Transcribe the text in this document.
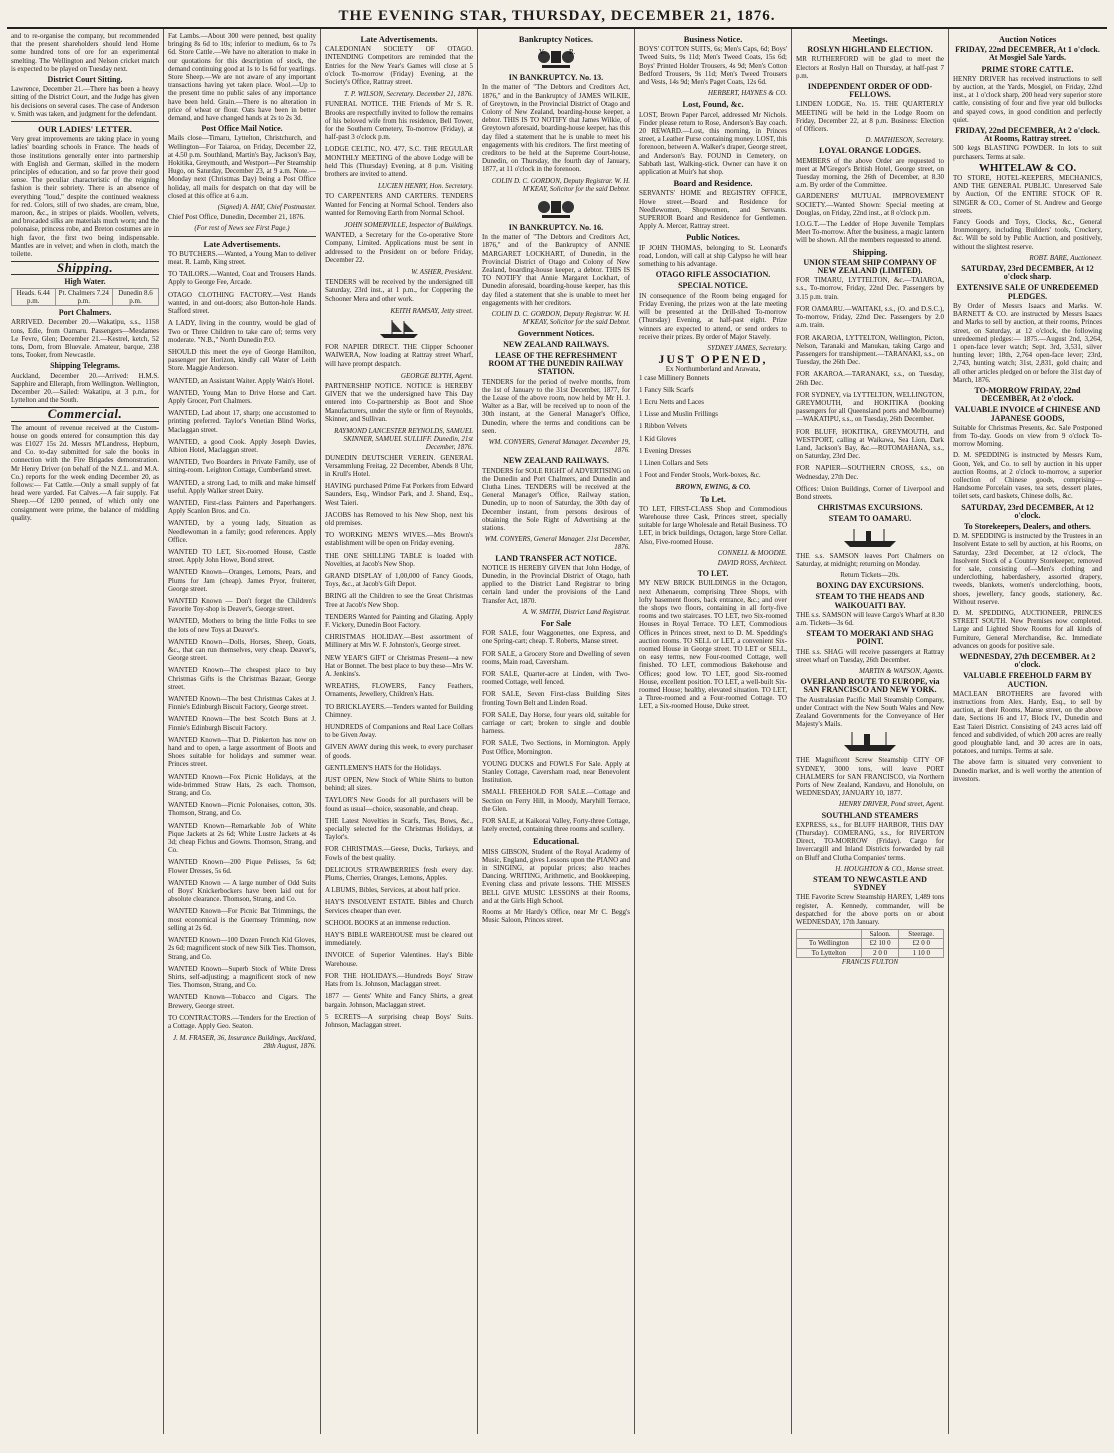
THE EVENING STAR, THURSDAY, DECEMBER 21, 1876.
and to re-organise the company, but recommended that the present shareholders should lend Home some hundred tons of ore for an experimental smelting. The Wellington and Nelson cricket match is expected to be played on Tuesday next.
District Court Sitting.
Lawrence, December 21.—There has been a heavy sitting of the District Court, and the Judge has given his decisions on several cases. The case of Anderson v. Smith was taken, and judgment for the defendant.
OUR LADIES' LETTER.
Very great improvements are taking place in young ladies' boarding schools in France. The heads of those institutions generally enter into partnership with English and German, skilled in the modern principles of education, and so far prove their good sense. The peculiar characteristic of the reigning fashion is their sobriety. There is an absence of everything "loud," despite the continued weakness for red. Colors, still of two shades, are cream, blue, maroon, &c., in stripes or plaids. Woollen, velvets, and brocaded silks are materials much worn; and the polonaise, princess robe, and Breton costumes are in high favor, the first two being indispensable. Mantles are in velvet; and when in cloth, match the toilette.
Shipping.
High Water.
Heads. 6.44 p.m.	Pt. Chalmers 7.24 p.m.	Dunedin 8.6 p.m.
Port Chalmers.
ARRIVED. December 20.—Wakatipu, s.s., 1158 tons, Edie, from Oamaru. Passengers—Mesdames Le Fevre, Glen; December 21.—Kestrel, ketch, 52 tons, Dorn, from Bluevale. Amateur, barque, 238 tons, Tooker, from Newcastle.
Shipping Telegrams.
Auckland, December 20.—Arrived: H.M.S. Sapphire and Elleraph, from Wellington. Wellington, December 20.—Sailed: Wakatipu, at 3 p.m., for Lyttelton and the South.
Commercial.
The amount of revenue received at the Custom-house on goods entered for consumption this day was £1027 15s 2d. Messrs M'Landress, Hepburn, and Co. to-day submitted for sale the books in connection with the Fire Brigades demonstration. Mr Henry Driver (on behalf of the N.Z.L. and M.A. Co.) reports for the week ending December 20, as follows:— Fat Cattle.—Only a small supply of fat head were yarded. Fat Calves.—A fair supply. Fat Sheep.—Of 1200 penned, of which only one consignment were prime, the balance of middling quality.
Fat Lambs.—About 300 were penned, best quality bringing 8s 6d to 10s; inferior to medium, 6s to 7s 6d. Store Cattle.—We have no alteration to make in our quotations for this description of stock, the demand continuing good at 1s to 1s 6d for yearlings. Store Sheep.—We are not aware of any important transactions having yet taken place. Wool.—Up to the present time no public sales of any importance have been held. Grain.—There is no alteration in price of wheat or flour. Oats have been in better demand, and have changed hands at 2s to 2s 3d.
Post Office Mail Notice.
Mails close—Timaru, Lyttelton, Christchurch, and Wellington—For Taiaroa, on Friday, December 22, at 4.50 p.m. Southland, Martin's Bay, Jackson's Bay, Hokitika, Greymouth, and Westport—Per Steamship Hugo, on Saturday, December 23, at 9 a.m. Note.—Monday next (Christmas Day) being a Post Office holiday, all mails for despatch on that day will be closed at this office at 6 a.m.
(Signed) A. HAY, Chief Postmaster.
Chief Post Office, Dunedin, December 21, 1876.
(For rest of News see First Page.)
Late Advertisements.
TO BUTCHERS.—Wanted, a Young Man to deliver meat. R. Lamb, King street.
TO TAILORS.—Wanted, Coat and Trousers Hands. Apply to George Fee, Arcade.
OTAGO CLOTHING FACTORY.—Vest Hands wanted, in and out-doors; also Button-hole Hands. Stafford street.
A LADY, living in the country, would be glad of Two or Three Children to take care of; terms very moderate. "N.B.," North Dunedin P.O.
SHOULD this meet the eye of George Hamilton, passenger per Horizon, kindly call Water of Leith Store. Maggie Anderson.
WANTED, an Assistant Waiter. Apply Wain's Hotel.
WANTED, Young Man to Drive Horse and Cart. Apply Grocer, Port Chalmers.
WANTED, Lad about 17, sharp; one accustomed to printing preferred. Taylor's Venetian Blind Works, Maclaggan street.
WANTED, a good Cook. Apply Joseph Davies, Albion Hotel, Maclaggan street.
WANTED, Two Boarders in Private Family, use of sitting-room. Leighton Cottage, Cumberland street.
WANTED, a strong Lad, to milk and make himself useful. Apply Walker street Dairy.
WANTED, First-class Painters and Paperhangers. Apply Scanlon Bros. and Co.
WANTED, by a young lady, Situation as Needlewoman in a family; good references. Apply Office.
WANTED TO LET, Six-roomed House, Castle street. Apply John Howe, Bond street.
WANTED Known—Oranges, Lemons, Pears, and Plums for Jam (cheap). James Pryor, fruiterer, George street.
WANTED Known — Don't forget the Children's Favorite Toy-shop is Deaver's, George street.
WANTED, Mothers to bring the little Folks to see the lots of new Toys at Deaver's.
WANTED Known—Dolls, Horses, Sheep, Goats, &c., that can run themselves, very cheap. Deaver's, George street.
WANTED Known—The cheapest place to buy Christmas Gifts is the Christmas Bazaar, George street.
WANTED Known—The best Christmas Cakes at J. Finnie's Edinburgh Biscuit Factory, George street.
WANTED Known—The best Scotch Buns at J. Finnie's Edinburgh Biscuit Factory.
WANTED Known—That D. Pinkerton has now on hand and to open, a large assortment of Boots and Shoes suitable for holidays and summer wear. Princes street.
WANTED Known—Fox Picnic Holidays, at the wide-brimmed Straw Hats, 2s each. Thomson, Strang, and Co.
WANTED Known—Picnic Polonaises, cotton, 30s. Thomson, Strang, and Co.
WANTED Known—Remarkable Job of White Pique Jackets at 2s 6d; White Lustre Jackets at 4s 3d; cheap Fichus and Gowns. Thomson, Strang, and Co.
WANTED Known—200 Pique Pelisses, 5s 6d; Flower Dresses, 5s 6d.
WANTED Known — A large number of Odd Suits of Boys' Knickerbockers have been laid out for absolute clearance. Thomson, Strang, and Co.
WANTED Known—For Picnic Bat Trimmings, the most economical is the Guernsey Trimming, now selling at 2s 6d.
WANTED Known—100 Dozen French Kid Gloves, 2s 6d; magnificent stock of new Silk Ties. Thomson, Strang, and Co.
WANTED Known—Superb Stock of White Dress Shirts, self-adjusting; a magnificent stock of new Ties. Thomson, Strang, and Co.
WANTED Known—Tobacco and Cigars. The Brewery, George street.
TO CONTRACTORS.—Tenders for the Erection of a Cottage. Apply Geo. Seaton.
J. M. FRASER, 36, Insurance Buildings, Auckland, 28th August, 1876.
Late Advertisements.
CALEDONIAN SOCIETY OF OTAGO. INTENDING Competitors are reminded that the Entries for the New Year's Games will close at 5 o'clock To-morrow (Friday) Evening, at the Society's Office, Rattray street.
T. P. WILSON, Secretary. December 21, 1876.
FUNERAL NOTICE. THE Friends of Mr S. R. Brooks are respectfully invited to follow the remains of his beloved wife from his residence, Bell Tower, for the Southern Cemetery, To-morrow (Friday), at half-past 3 o'clock p.m.
LODGE CELTIC, NO. 477, S.C. THE REGULAR MONTHLY MEETING of the above Lodge will be held This (Thursday) Evening, at 8 p.m. Visiting brothers are invited to attend.
LUCIEN HENRY, Hon. Secretary.
TO CARPENTERS AND CARTERS. TENDERS Wanted for Fencing at Normal School. Tenders also wanted for Removing Earth from Normal School.
JOHN SOMERVILLE, Inspector of Buildings.
WANTED, a Secretary for the Co-operative Store Company, Limited. Applications must be sent in addressed to the President on or before Friday, December 22.
W. ASHER, President.
TENDERS will be received by the undersigned till Saturday, 23rd inst., at 1 p.m., for Coppering the Schooner Mera and other work.
KEITH RAMSAY, Jetty street.
FOR NAPIER DIRECT. THE Clipper Schooner WAIWERA, Now loading at Rattray street Wharf, will have prompt despatch.
GEORGE BLYTH, Agent.
PARTNERSHIP NOTICE. NOTICE is HEREBY GIVEN that we the undersigned have This Day entered into Co-partnership as Boot and Shoe Manufacturers, under the style or firm of Reynolds, Skinner, and Sullivan.
RAYMOND LANCESTER REYNOLDS, SAMUEL SKINNER, SAMUEL SULLIFF. Dunedin, 21st December, 1876.
DUNEDIN DEUTSCHER VEREIN. GENERAL Versammlung Freitag, 22 December, Abends 8 Uhr, in Krull's Hotel.
HAVING purchased Prime Fat Porkers from Edward Saunders, Esq., Windsor Park, and J. Shand, Esq., West Taieri.
JACOBS has Removed to his New Shop, next his old premises.
TO WORKING MEN'S WIVES.—Mrs Brown's establishment will be open on Friday evening.
THE ONE SHILLING TABLE is loaded with Novelties, at Jacob's New Shop.
GRAND DISPLAY of 1,00,000 of Fancy Goods, Toys, &c., at Jacob's Gift Depot.
BRING all the Children to see the Great Christmas Tree at Jacob's New Shop.
TENDERS Wanted for Painting and Glazing. Apply F. Vickery, Dunedin Boot Factory.
CHRISTMAS HOLIDAY.—Best assortment of Millinery at Mrs W. F. Johnston's, George street.
NEW YEAR'S GIFT or Christmas Present—a new Hat or Bonnet. The best place to buy these—Mrs W. A. Jenkins's.
WREATHS, FLOWERS, Fancy Feathers, Ornaments, Jewellery, Children's Hats.
TO BRICKLAYERS.—Tenders wanted for Building Chimney.
HUNDREDS of Companions and Real Lace Collars to be Given Away.
GIVEN AWAY during this week, to every purchaser of goods.
GENTLEMEN'S HATS for the Holidays.
JUST OPEN, New Stock of White Shirts to button behind; all sizes.
TAYLOR'S New Goods for all purchasers will be found as usual—choice, seasonable, and cheap.
THE Latest Novelties in Scarfs, Ties, Bows, &c., specially selected for the Christmas Holidays, at Taylor's.
FOR CHRISTMAS.—Geese, Ducks, Turkeys, and Fowls of the best quality.
DELICIOUS STRAWBERRIES fresh every day. Plums, Cherries, Oranges, Lemons, Apples.
A LBUMS, Bibles, Services, at about half price.
HAY'S INSOLVENT ESTATE. Bibles and Church Services cheaper than ever.
SCHOOL BOOKS at an immense reduction.
HAY'S BIBLE WAREHOUSE must be cleared out immediately.
INVOICE of Superior Valentines. Hay's Bible Warehouse.
FOR THE HOLIDAYS.—Hundreds Boys' Straw Hats from 1s. Johnson, Maclaggan street.
1877 — Gents' White and Fancy Shirts, a great bargain. Johnson, Maclaggan street.
5 ECRETS—A surprising cheap Boys' Suits. Johnson, Maclaggan street.
Bankruptcy Notices.
V.	R.
IN BANKRUPTCY. No. 13.
In the matter of "The Debtors and Creditors Act, 1876," and in the Bankruptcy of JAMES WILKIE, of Greytown, in the Provincial District of Otago and Colony of New Zealand, boarding-house keeper, a debtor. THIS IS TO NOTIFY that James Wilkie, of Greytown aforesaid, boarding-house keeper, has this day filed a statement that he is unable to meet his engagements with his creditors. The first meeting of creditors to be held at the Supreme Court-house, Dunedin, on Thursday, the fourth day of January, 1877, at 11 o'clock in the forenoon.
COLIN D. C. GORDON, Deputy Registrar. W. H. M'KEAY, Solicitor for the said Debtor.
IN BANKRUPTCY. No. 16.
In the matter of "The Debtors and Creditors Act, 1876," and of the Bankruptcy of ANNIE MARGARET LOCKHART, of Dunedin, in the Provincial District of Otago and Colony of New Zealand, boarding-house keeper, a debtor. THIS IS TO NOTIFY that Annie Margaret Lockhart, of Dunedin aforesaid, boarding-house keeper, has this day filed a statement that she is unable to meet her engagements with her creditors.
COLIN D. C. GORDON, Deputy Registrar. W. H. M'KEAY, Solicitor for the said Debtor.
Government Notices.
NEW ZEALAND RAILWAYS.
LEASE OF THE REFRESHMENT ROOM AT THE DUNEDIN RAILWAY STATION.
TENDERS for the period of twelve months, from the 1st of January to the 31st December, 1877, for the Lease of the above room, now held by Mr H. J. Walter as a Bar, will be received up to noon of the 30th instant, at the General Manager's Office, Dunedin, where the terms and conditions can be seen.
WM. CONYERS, General Manager. December 19, 1876.
NEW ZEALAND RAILWAYS.
TENDERS for SOLE RIGHT of ADVERTISING on the Dunedin and Port Chalmers, and Dunedin and Clutha Lines. TENDERS will be received at the General Manager's Office, Railway station, Dunedin, up to noon of Saturday, the 30th day of December instant, from persons desirous of obtaining the Sole Right of Advertising at the stations.
WM. CONYERS, General Manager. 21st December, 1876.
LAND TRANSFER ACT NOTICE.
NOTICE IS HEREBY GIVEN that John Hodge, of Dunedin, in the Provincial District of Otago, hath applied to the District Land Registrar to bring certain land under the provisions of the Land Transfer Act, 1870.
A. W. SMITH, District Land Registrar.
For Sale
FOR SALE, four Waggonettes, one Express, and one Spring-cart; cheap. T. Roberts, Manse street.
FOR SALE, a Grocery Store and Dwelling of seven rooms, Main road, Caversham.
FOR SALE, Quarter-acre at Linden, with Two-roomed Cottage, well fenced.
FOR SALE, Seven First-class Building Sites fronting Town Belt and Linden Road.
FOR SALE, Day Horse, four years old, suitable for carriage or cart; broken to single and double harness.
FOR SALE, Two Sections, in Mornington. Apply Post Office, Mornington.
YOUNG DUCKS and FOWLS For Sale. Apply at Stanley Cottage, Caversham road, near Benevolent Institution.
SMALL FREEHOLD FOR SALE.—Cottage and Section on Ferry Hill, in Moody, Maryhill Terrace, the Glen.
FOR SALE, at Kaikorai Valley, Forty-three Cottage, lately erected, containing three rooms and scullery.
Educational.
MISS GIBSON, Student of the Royal Academy of Music, England, gives Lessons upon the PIANO and in SINGING, at popular prices; also teaches Dancing. WRITING, Arithmetic, and Bookkeeping, Evening class and private lessons. THE MISSES BELL GIVE MUSIC LESSONS at their Rooms, and at the Girls High School.
Rooms at Mr Hardy's Office, near Mr C. Begg's Music Saloon, Princes street.
Business Notice.
BOYS' COTTON SUITS, 6s; Men's Caps, 6d; Boys' Tweed Suits, 9s 11d; Men's Tweed Coats, 15s 6d; Boys' Printed Holder Trousers, 4s 9d; Men's Cotton Bedford Trousers, 9s 11d; Men's Tweed Trousers and Vests, 14s 9d; Men's Paget Coats, 12s 6d.
HERBERT, HAYNES & CO.
Lost, Found, &c.
LOST, Brown Paper Parcel, addressed Mr Nichols. Finder please return to Rose, Anderson's Bay coach. 20 REWARD.—Lost, this morning, in Princes street, a Leather Purse containing money. LOST, this forenoon, between A. Walker's draper, George street, and Anderson's Bay. FOUND in Cemetery, on Sabbath last, Walking-stick. Owner can have it on application at Muir's hat shop.
Board and Residence.
SERVANTS' HOME and REGISTRY OFFICE, Howe street.—Board and Residence for Needlewomen, Shopwomen, and Servants. SUPERIOR Board and Residence for Gentlemen. Apply A. Mercer, Rattray street.
Public Notices.
IF JOHN THOMAS, belonging to St. Leonard's road, London, will call at ship Calypso he will hear something to his advantage.
OTAGO RIFLE ASSOCIATION.
SPECIAL NOTICE.
IN consequence of the Room being engaged for Friday Evening, the prizes won at the late meeting will be presented at the Drill-shed To-morrow (Thursday) Evening, at half-past eight. Prize winners are expected to attend, or send orders to receive their prizes. By order of Major Stavely.
SYDNEY JAMES, Secretary.
JUST OPENED,
Ex Northumberland and Arawata,
1 case Millinery Bonnets
1 Fancy Silk Scarfs
1 Ecru Netts and Laces
1 Lisse and Muslin Frillings
1 Ribbon Velvets
1 Kid Gloves
1 Evening Dresses
1 Linen Collars and Sets
1 Foot and Fender Stools, Work-boxes, &c.
BROWN, EWING, & CO.
To Let.
TO LET, FIRST-CLASS Shop and Commodious Warehouse three Cask, Princes street, specially suitable for large Wholesale and Retail Business. TO LET, in brick buildings, Octagon, large Store Cellar. Also, Five-roomed House.
CONNELL & MOODIE.
DAVID ROSS, Architect.
TO LET.
MY NEW BRICK BUILDINGS in the Octagon, next Athenaeum, comprising Three Shops, with lofty basement floors, back entrance, &c.; and over the shops two floors, containing in all forty-five rooms and two staircases. TO LET, two Six-roomed Houses in Royal Terrace. TO LET, Commodious Offices in Princes street, next to D. M. Spedding's auction rooms. TO SELL or LET, a convenient Six-roomed House in George street. TO LET or SELL, on easy terms, new Four-roomed Cottage, well finished. TO LET, commodious Bakehouse and Offices; good low. TO LET, good Six-roomed House, excellent position. TO LET, a well-built Six-roomed House; healthy, elevated situation. TO LET, a Three-roomed and a Four-roomed Cottage. TO LET, a Six-roomed House, Duke street.
Meetings.
ROSLYN HIGHLAND ELECTION.
MR RUTHERFORD will be glad to meet the Electors at Roslyn Hall on Thursday, at half-past 7 p.m.
INDEPENDENT ORDER OF ODD-FELLOWS.
LINDEN LODGE, No. 15. THE QUARTERLY MEETING will be held in the Lodge Room on Friday, December 22, at 8 p.m. Business: Election of Officers.
D. MATHIESON, Secretary.
LOYAL ORANGE LODGES.
MEMBERS of the above Order are requested to meet at M'Gregor's British Hotel, George street, on Tuesday morning, the 26th of December, at 8.30 a.m. By order of the Committee.
GARDENERS' MUTUAL IMPROVEMENT SOCIETY.—Wanted Shown: Special meeting at Douglas, on Friday, 22nd inst., at 8 o'clock p.m.
I.O.G.T.—The Ledder of Hope Juvenile Templars Meet To-morrow. After the business, a magic lantern will be shown. All the members requested to attend.
Shipping.
UNION STEAM SHIP COMPANY OF NEW ZEALAND (LIMITED).
FOR TIMARU, LYTTELTON, &c.—TAIAROA, s.s., To-morrow, Friday, 22nd Dec. Passengers by 3.15 p.m. train.
FOR OAMARU.—WAITAKI, s.s., (O. and D.S.C.), To-morrow, Friday, 22nd Dec. Passengers by 2.0 a.m. train.
FOR AKAROA, LYTTELTON, Wellington, Picton, Nelson, Taranaki and Manukau, taking Cargo and Passengers for transhipment.—TARANAKI, s.s., on Tuesday, the 26th Dec.
FOR AKAROA.—TARANAKI, s.s., on Tuesday, 26th Dec.
FOR SYDNEY, via LYTTELTON, WELLINGTON, GREYMOUTH, and HOKITIKA (booking passengers for all Queensland ports and Melbourne)—WAKATIPU, s.s., on Tuesday, 26th December.
FOR BLUFF, HOKITIKA, GREYMOUTH, and WESTPORT, calling at Waikawa, Sea Lion, Dark Land, Jackson's Bay, &c.—ROTOMAHANA, s.s., on Saturday, 23rd Dec.
FOR NAPIER—SOUTHERN CROSS, s.s., on Wednesday, 27th Dec.
Offices: Union Buildings, Corner of Liverpool and Bond streets.
CHRISTMAS EXCURSIONS.
STEAM TO OAMARU.
THE s.s. SAMSON leaves Port Chalmers on Saturday, at midnight; returning on Monday.
Return Tickets—20s.
BOXING DAY EXCURSIONS.
STEAM TO THE HEADS AND WAIKOUAITI BAY.
THE s.s. SAMSON will leave Cargo's Wharf at 8.30 a.m. Tickets—3s 6d.
STEAM TO MOERAKI AND SHAG POINT.
THE s.s. SHAG will receive passengers at Rattray street wharf on Tuesday, 26th December.
MARTIN & WATSON, Agents.
OVERLAND ROUTE TO EUROPE, via SAN FRANCISCO AND NEW YORK.
The Australasian Pacific Mail Steamship Company, under Contract with the New South Wales and New Zealand Governments for the Conveyance of Her Majesty's Mails.
THE Magnificent Screw Steamship CITY OF SYDNEY, 3000 tons, will leave PORT CHALMERS for SAN FRANCISCO, via Northern Ports of New Zealand, Kandavu, and Honolulu, on WEDNESDAY, JANUARY 10, 1877.
HENRY DRIVER, Pond street, Agent.
SOUTHLAND STEAMERS
EXPRESS, s.s., for BLUFF HARBOR, THIS DAY (Thursday). COMERANG, s.s., for RIVERTON Direct, TO-MORROW (Friday). Cargo for Invercargill and Inland Districts forwarded by rail on Bluff and Clutha Companies' terms.
H. HOUGHTON & CO., Manse street.
STEAM TO NEWCASTLE AND SYDNEY
THE Favorite Screw Steamship HAREY, 1,489 tons register, A. Kennedy, commander, will be despatched for the above ports on or about WEDNESDAY, 17th January.
	Saloon.	Steerage.
To Wellington	£2 10 0	£2 0 0
To Lyttelton	2 0 0	1 10 0
FRANCIS FULTON
Auction Notices
FRIDAY, 22nd DECEMBER, At 1 o'clock. At Mosgiel Sale Yards.
PRIME STORE CATTLE.
HENRY DRIVER has received instructions to sell by auction, at the Yards, Mosgiel, on Friday, 22nd inst., at 1 o'clock sharp, 200 head very superior store cattle, consisting of four and five year old bullocks and spayed cows, in good condition and perfectly quiet.
FRIDAY, 22nd DECEMBER, At 2 o'clock. At Rooms, Rattray street.
500 kegs BLASTING POWDER. In lots to suit purchasers. Terms at sale.
WHITELAW & CO.
TO STORE, HOTEL-KEEPERS, MECHANICS, AND THE GENERAL PUBLIC. Unreserved Sale by Auction, Of the ENTIRE STOCK OF R. SINGER & CO., Corner of St. Andrew and George streets.
Fancy Goods and Toys, Clocks, &c., General Ironmongery, including Builders' tools, Crockery, &c. Will be sold by Public Auction, and positively, without the slightest reserve.
ROBT. BARE, Auctioneer.
SATURDAY, 23rd DECEMBER, At 12 o'clock sharp.
EXTENSIVE SALE OF UNREDEEMED PLEDGES.
By Order of Messrs Isaacs and Marks. W. BARNETT & CO. are instructed by Messrs Isaacs and Marks to sell by auction, at their rooms, Princes street, on Saturday, at 12 o'clock, the following unredeemed pledges:— 1875.—August 2nd, 3,264, 1 open-face lever watch; Sept. 3rd, 3,531, silver hunting lever; 18th, 2,764 open-face lever; 23rd, 2,743, hunting watch; 31st, 2,831, gold chain; and all other articles pledged on or before the 31st day of March, 1876.
TO-MORROW FRIDAY, 22nd DECEMBER, At 2 o'clock.
VALUABLE INVOICE of CHINESE AND JAPANESE GOODS,
Suitable for Christmas Presents, &c. Sale Postponed from To-day. Goods on view from 9 o'clock To-morrow Morning.
D. M. SPEDDING is instructed by Messrs Kum, Goon, Yek, and Co. to sell by auction in his upper auction Rooms, at 2 o'clock to-morrow, a superior collection of Chinese goods, comprising—Handsome Porcelain vases, tea sets, dessert plates, toilet sets, card baskets, Chinese dolls, &c.
SATURDAY, 23rd DECEMBER, At 12 o'clock.
To Storekeepers, Dealers, and others.
D. M. SPEDDING is instructed by the Trustees in an Insolvent Estate to sell by auction, at his Rooms, on Saturday, 23rd December, at 12 o'clock, The Insolvent Stock of a Country Storekeeper, removed for sale, consisting of—Men's clothing and underclothing, haberdashery, assorted drapery, tweeds, blankets, women's underclothing, boots, shoes, jewellery, fancy goods, stationery, &c. Without reserve.
D. M. SPEDDING, AUCTIONEER, PRINCES STREET SOUTH. New Premises now completed. Large and Lighted Show Rooms for all kinds of Furniture, General Merchandise, &c. Immediate advances on goods for positive sale.
WEDNESDAY, 27th DECEMBER. At 2 o'clock.
VALUABLE FREEHOLD FARM BY AUCTION.
MACLEAN BROTHERS are favored with instructions from Alex. Hardy, Esq., to sell by auction, at their Rooms, Manse street, on the above date, Sections 16 and 17, Block IV., Dunedin and East Taieri District. Consisting of 243 acres laid off fenced and subdivided, of which 200 acres are really good ploughable land, and 30 acres are in oats, potatoes, and turnips. Terms at sale.
The above farm is situated very convenient to Dunedin market, and is well worthy the attention of investors.
